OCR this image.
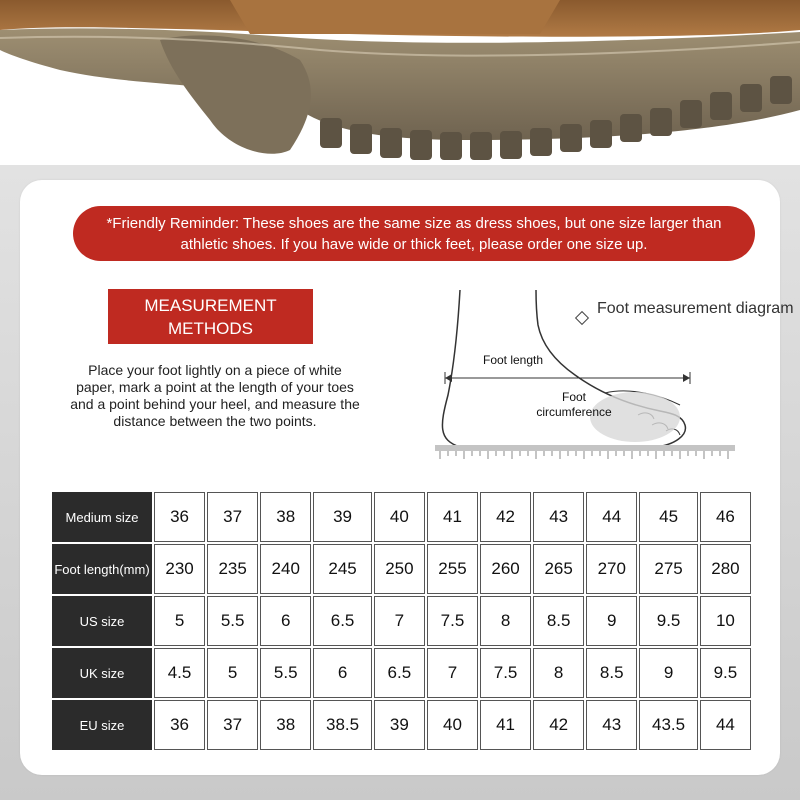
*Friendly Reminder: These shoes are the same size as dress shoes, but one size larger than athletic shoes. If you have wide or thick feet, please order one size up.
MEASUREMENT METHODS
Place your foot lightly on a piece of white paper, mark a point at the length of your toes and a point behind your heel, and measure the distance between the two points.
Foot length
Foot circumference
Foot measurement diagram
Medium size	36	37	38	39	40	41	42	43	44	45	46
Foot length(mm)	230	235	240	245	250	255	260	265	270	275	280
US size	5	5.5	6	6.5	7	7.5	8	8.5	9	9.5	10
UK size	4.5	5	5.5	6	6.5	7	7.5	8	8.5	9	9.5
EU size	36	37	38	38.5	39	40	41	42	43	43.5	44
